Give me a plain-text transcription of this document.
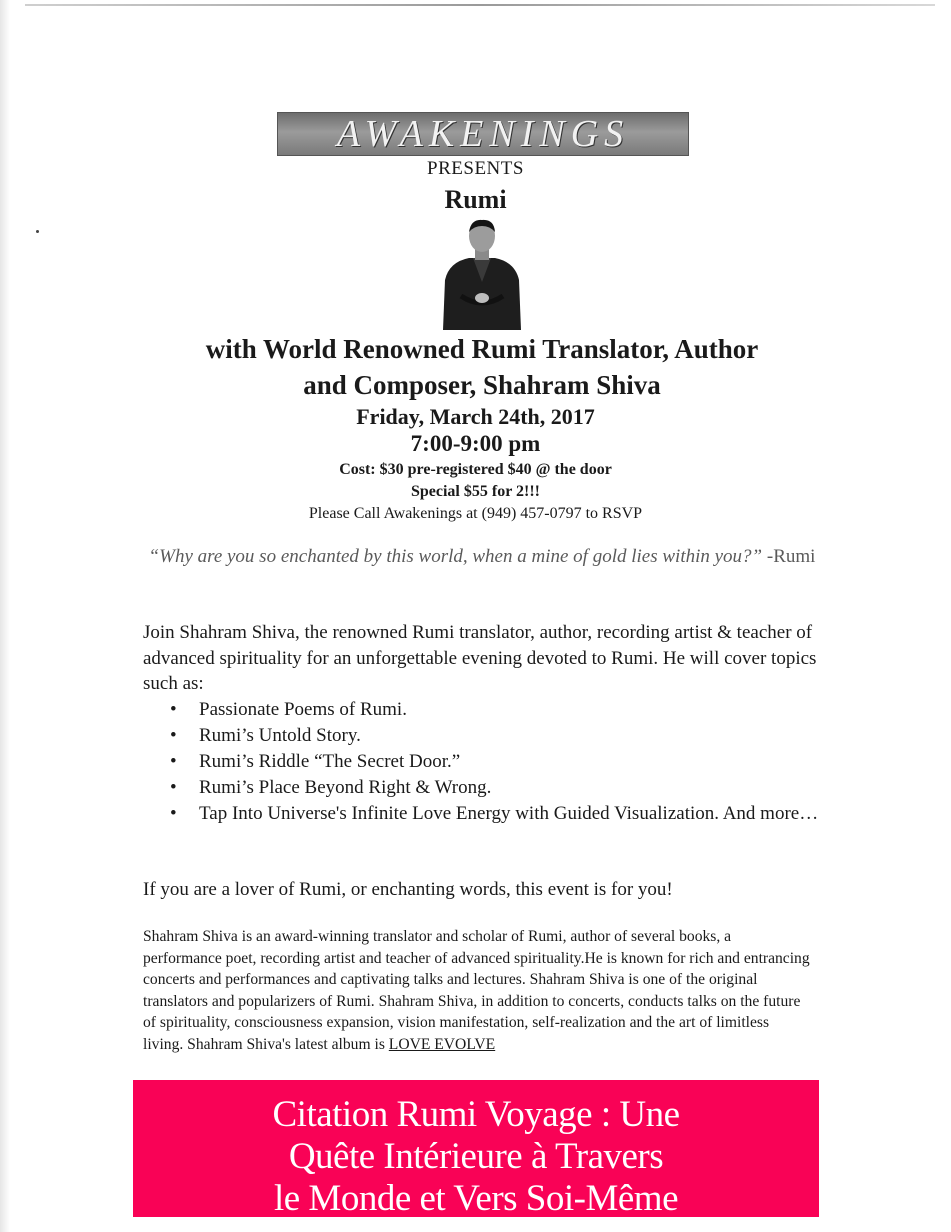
AWAKENINGS
PRESENTS
Rumi
with World Renowned Rumi Translator, Author
and Composer, Shahram Shiva
Friday, March 24th, 2017
7:00-9:00 pm
Cost: $30 pre-registered $40 @ the door
Special $55 for 2!!!
Please Call Awakenings at (949) 457-0797 to RSVP
“Why are you so enchanted by this world, when a mine of gold lies within you?” -Rumi
Join Shahram Shiva, the renowned Rumi translator, author, recording artist & teacher of advanced spirituality for an unforgettable evening devoted to Rumi. He will cover topics such as:
• Passionate Poems of Rumi.
• Rumi’s Untold Story.
• Rumi’s Riddle “The Secret Door.”
• Rumi’s Place Beyond Right & Wrong.
• Tap Into Universe's Infinite Love Energy with Guided Visualization. And more…
If you are a lover of Rumi, or enchanting words, this event is for you!
Shahram Shiva is an award-winning translator and scholar of Rumi, author of several books, a performance poet, recording artist and teacher of advanced spirituality.He is known for rich and entrancing concerts and performances and captivating talks and lectures. Shahram Shiva is one of the original translators and popularizers of Rumi. Shahram Shiva, in addition to concerts, conducts talks on the future of spirituality, consciousness expansion, vision manifestation, self-realization and the art of limitless living. Shahram Shiva's latest album is LOVE EVOLVE
Citation Rumi Voyage : Une
Quête Intérieure à Travers
le Monde et Vers Soi-Même
